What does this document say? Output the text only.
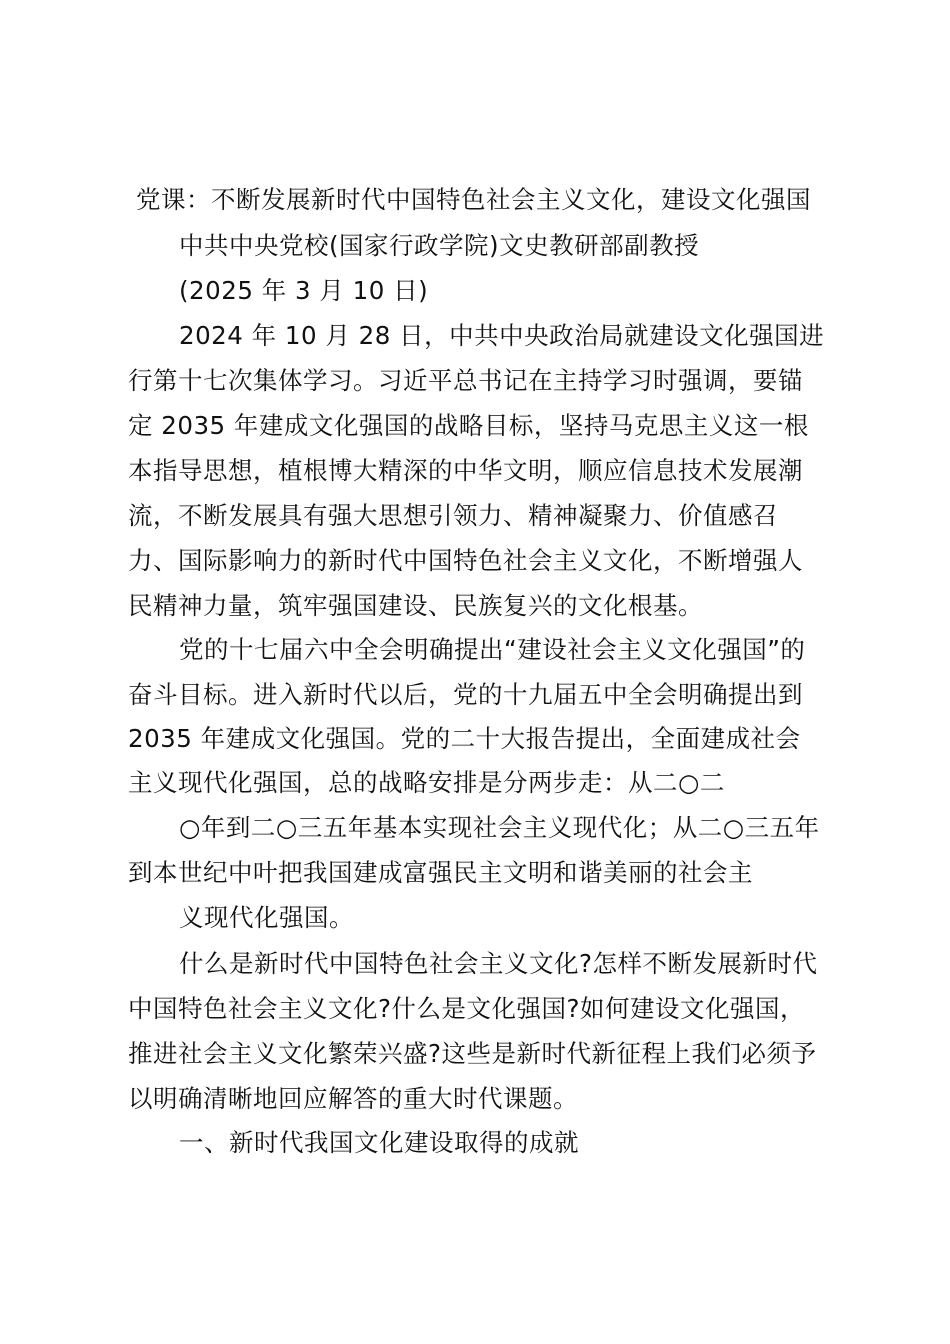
党课：不断发展新时代中国特色社会主义文化，建设文化强国
中共中央党校(国家行政学院)文史教研部副教授
(2025 年 3 月 10 日)
2024 年 10 月 28 日，中共中央政治局就建设文化强国进
行第十七次集体学习。习近平总书记在主持学习时强调，要锚
定 2035 年建成文化强国的战略目标，坚持马克思主义这一根
本指导思想，植根博大精深的中华文明，顺应信息技术发展潮
流，不断发展具有强大思想引领力、精神凝聚力、价值感召
力、国际影响力的新时代中国特色社会主义文化，不断增强人
民精神力量，筑牢强国建设、民族复兴的文化根基。
党的十七届六中全会明确提出“建设社会主义文化强国”的
奋斗目标。进入新时代以后，党的十九届五中全会明确提出到
2035 年建成文化强国。党的二十大报告提出，全面建成社会
主义现代化强国，总的战略安排是分两步走：从二○二
○年到二○三五年基本实现社会主义现代化；从二○三五年
到本世纪中叶把我国建成富强民主文明和谐美丽的社会主
义现代化强国。
什么是新时代中国特色社会主义文化?怎样不断发展新时代
中国特色社会主义文化?什么是文化强国?如何建设文化强国，
推进社会主义文化繁荣兴盛?这些是新时代新征程上我们必须予
以明确清晰地回应解答的重大时代课题。
一、新时代我国文化建设取得的成就
